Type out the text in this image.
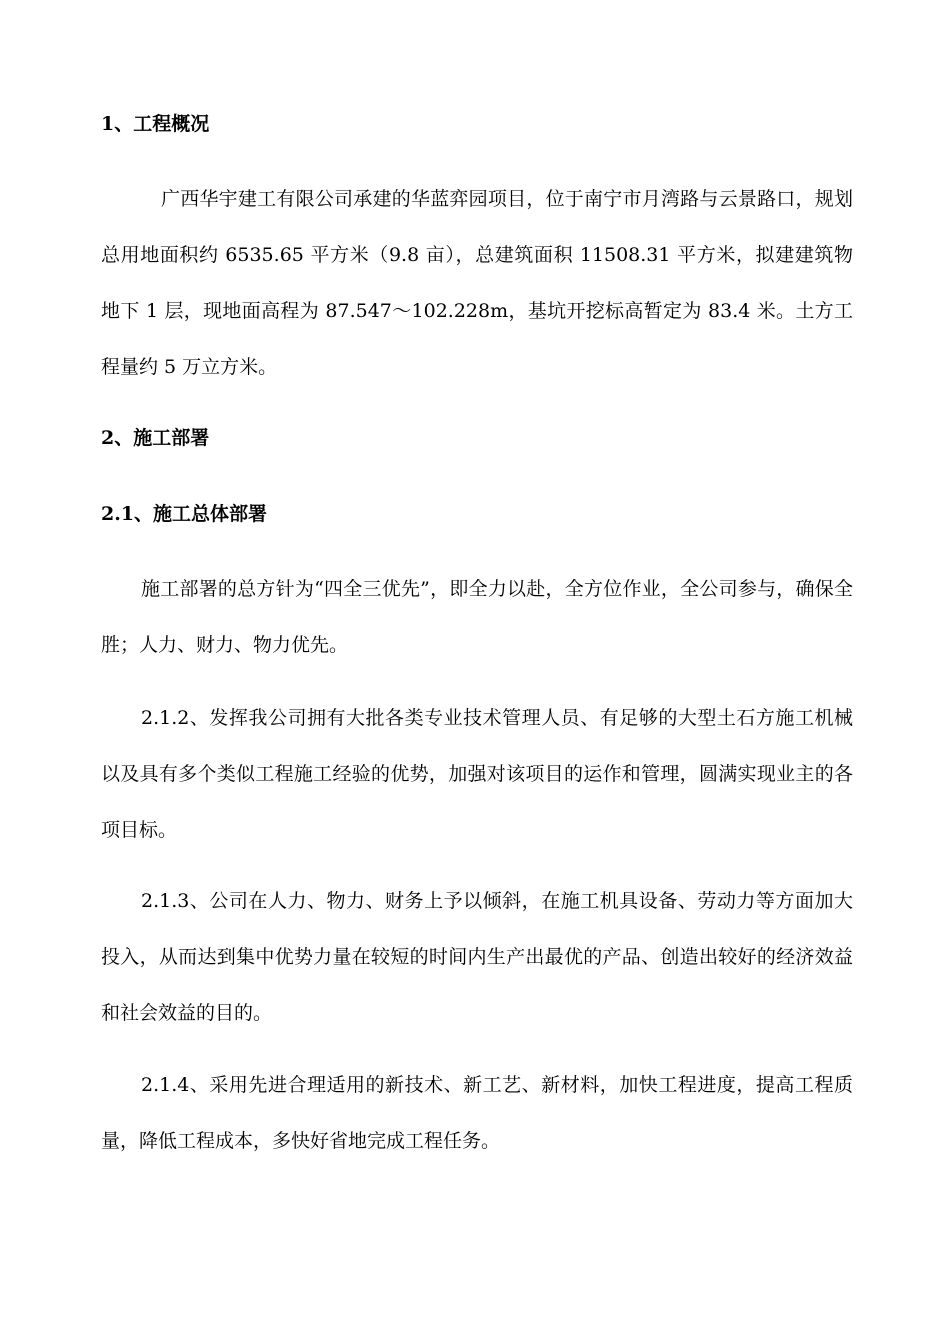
1、工程概况

广西华宇建工有限公司承建的华蓝弈园项目，位于南宁市月湾路与云景路口，规划总用地面积约 6535.65 平方米（9.8 亩），总建筑面积 11508.31 平方米，拟建建筑物地下 1 层，现地面高程为 87.547～102.228m，基坑开挖标高暂定为 83.4 米。土方工程量约 5 万立方米。

2、施工部署
2.1、施工总体部署

施工部署的总方针为“四全三优先”，即全力以赴，全方位作业，全公司参与，确保全胜；人力、财力、物力优先。

2.1.2、发挥我公司拥有大批各类专业技术管理人员、有足够的大型土石方施工机械以及具有多个类似工程施工经验的优势，加强对该项目的运作和管理，圆满实现业主的各项目标。

2.1.3、公司在人力、物力、财务上予以倾斜，在施工机具设备、劳动力等方面加大投入，从而达到集中优势力量在较短的时间内生产出最优的产品、创造出较好的经济效益和社会效益的目的。

2.1.4、采用先进合理适用的新技术、新工艺、新材料，加快工程进度，提高工程质量，降低工程成本，多快好省地完成工程任务。
